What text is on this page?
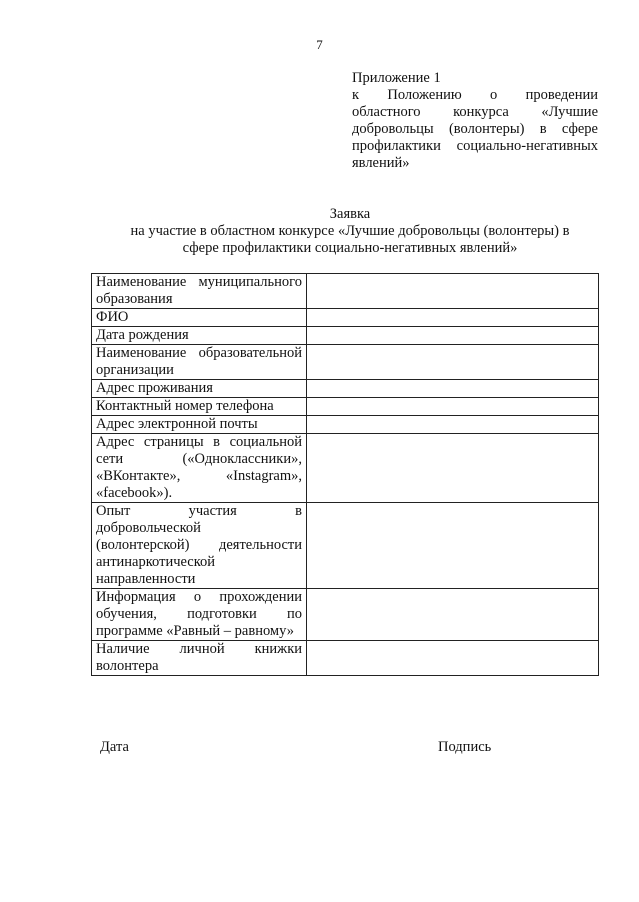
7
Приложение 1
к Положению о проведении
областного конкурса «Лучшие
добровольцы (волонтеры) в сфере
профилактики социально-негативных
явлений»
Заявка
на участие в областном конкурсе «Лучшие добровольцы (волонтеры) в
сфере профилактики социально-негативных явлений»
Наименование муниципального
образования	

ФИО	

Дата рождения	

Наименование образовательной
организации	

Адрес проживания	

Контактный номер телефона	

Адрес электронной почты	

Адрес страницы в социальной
сети («Одноклассники»,
«ВКонтакте», «Instagram»,
«facebook»).	

Опыт участия в
добровольческой
(волонтерской) деятельности
антинаркотической
направленности	

Информация о прохождении
обучения, подготовки по
программе «Равный – равному»	

Наличие личной книжки
волонтера	

Дата	Подпись
